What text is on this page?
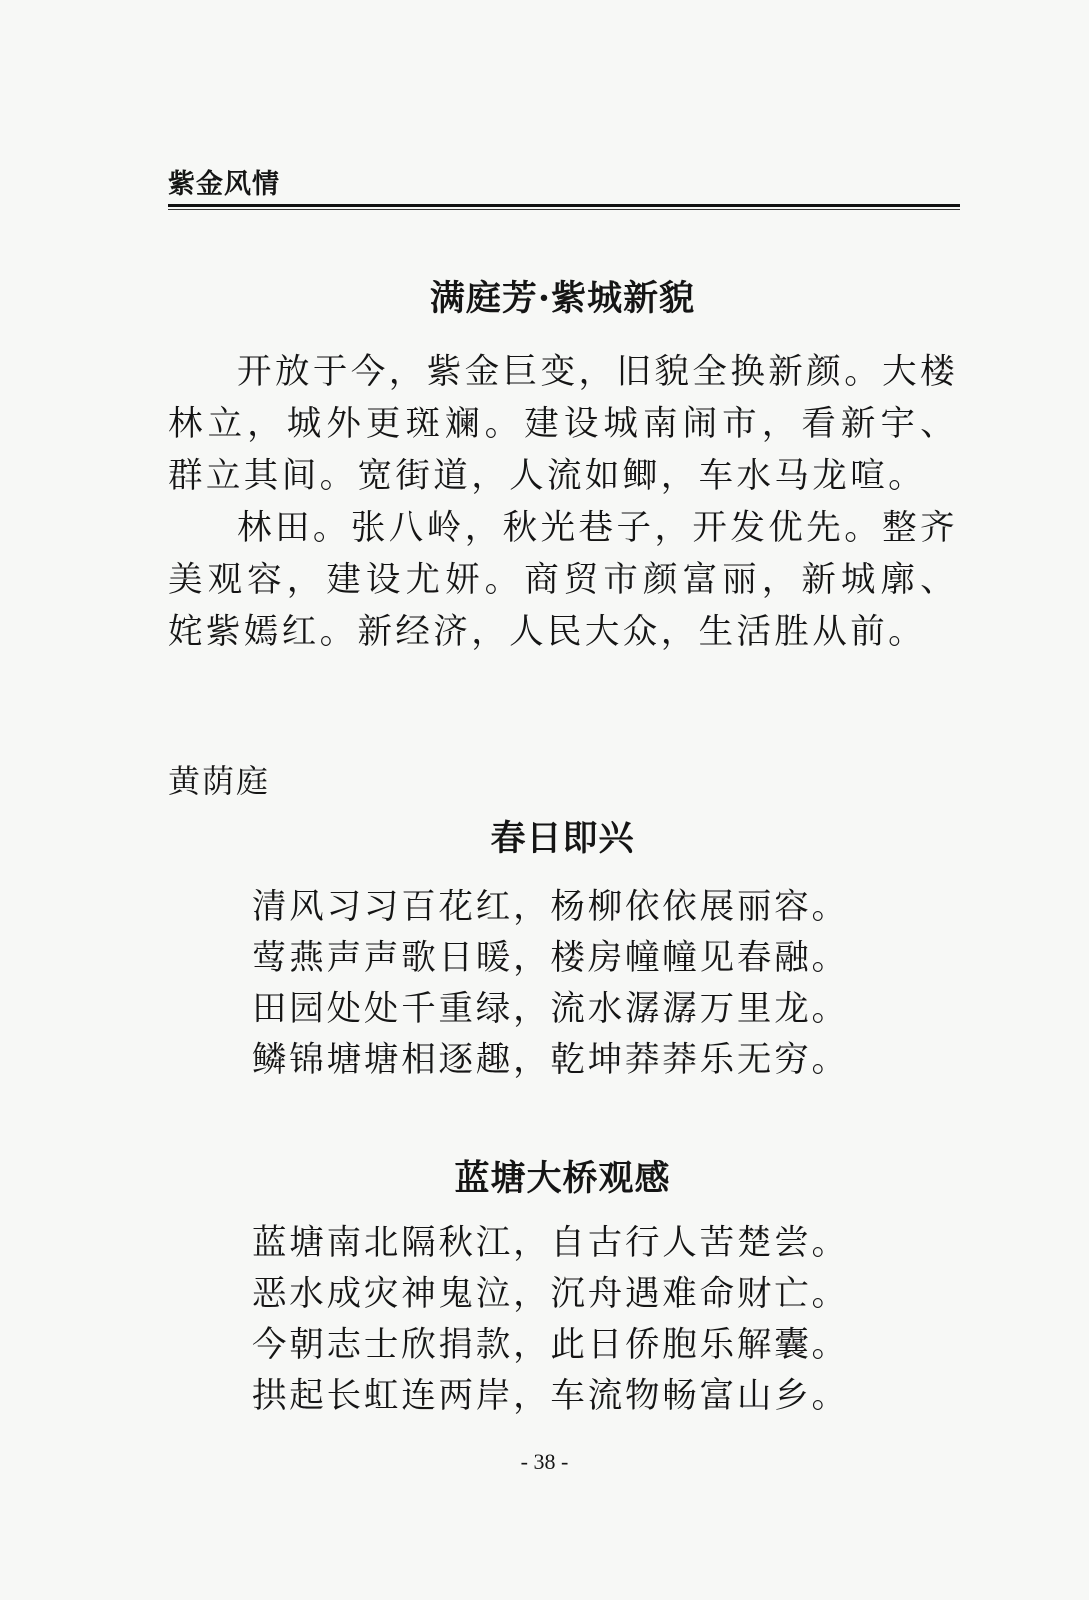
紫金风情
满庭芳·紫城新貌

开放于今，紫金巨变，旧貌全换新颜。大楼林立，城外更斑斓。建设城南闹市，看新宇、群立其间。宽街道，人流如鲫，车水马龙喧。

林田。张八岭，秋光巷子，开发优先。整齐美观容，建设尤妍。商贸市颜富丽，新城廓、姹紫嫣红。新经济，人民大众，生活胜从前。

黄荫庭
春日即兴
清风习习百花红，杨柳依依展丽容。
莺燕声声歌日暖，楼房幢幢见春融。
田园处处千重绿，流水潺潺万里龙。
鳞锦塘塘相逐趣，乾坤莽莽乐无穷。
蓝塘大桥观感
蓝塘南北隔秋江，自古行人苦楚尝。
恶水成灾神鬼泣，沉舟遇难命财亡。
今朝志士欣捐款，此日侨胞乐解囊。
拱起长虹连两岸，车流物畅富山乡。
- 38 -
